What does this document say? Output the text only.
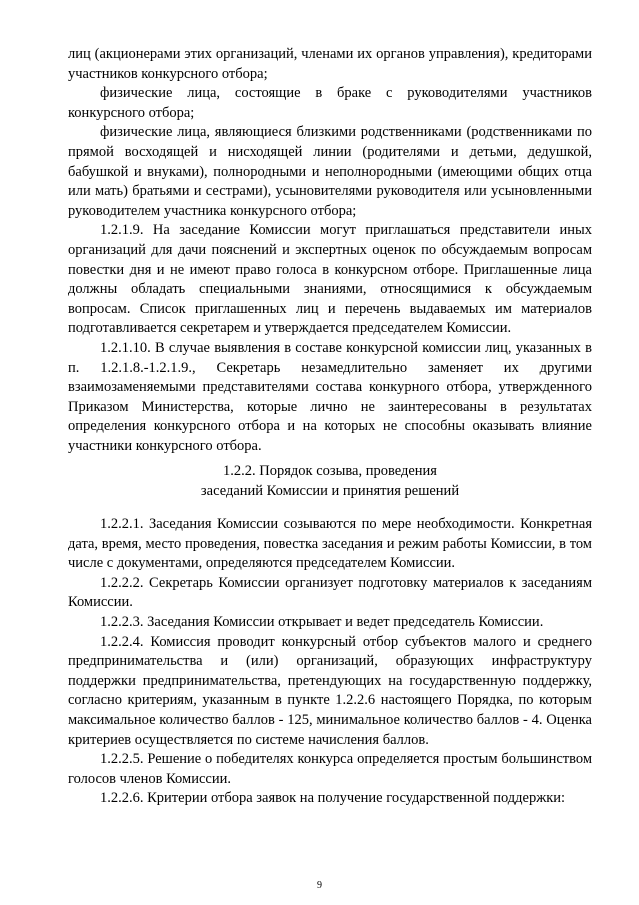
лиц (акционерами этих организаций, членами их органов управления), кредиторами участников конкурсного отбора;

физические лица, состоящие в браке с руководителями участников конкурсного отбора;

физические лица, являющиеся близкими родственниками (родственниками по прямой восходящей и нисходящей линии (родителями и детьми, дедушкой, бабушкой и внуками), полнородными и неполнородными (имеющими общих отца или мать) братьями и сестрами), усыновителями руководителя или усыновленными руководителем участника конкурсного отбора;

1.2.1.9. На заседание Комиссии могут приглашаться представители иных организаций для дачи пояснений и экспертных оценок по обсуждаемым вопросам повестки дня и не имеют право голоса в конкурсном отборе. Приглашенные лица должны обладать специальными знаниями, относящимися к обсуждаемым вопросам. Список приглашенных лиц и перечень выдаваемых им материалов подготавливается секретарем и утверждается председателем Комиссии.

1.2.1.10. В случае выявления в составе конкурсной комиссии лиц, указанных в п. 1.2.1.8.-1.2.1.9., Секретарь незамедлительно заменяет их другими взаимозаменяемыми представителями состава конкурного отбора, утвержденного Приказом Министерства, которые лично не заинтересованы в результатах определения конкурсного отбора и на которых не способны оказывать влияние участники конкурсного отбора.

1.2.2. Порядок созыва, проведения
заседаний Комиссии и принятия решений

1.2.2.1. Заседания Комиссии созываются по мере необходимости. Конкретная дата, время, место проведения, повестка заседания и режим работы Комиссии, в том числе с документами, определяются председателем Комиссии.

1.2.2.2. Секретарь Комиссии организует подготовку материалов к заседаниям Комиссии.

1.2.2.3. Заседания Комиссии открывает и ведет председатель Комиссии.

1.2.2.4. Комиссия проводит конкурсный отбор субъектов малого и среднего предпринимательства и (или) организаций, образующих инфраструктуру поддержки предпринимательства, претендующих на государственную поддержку, согласно критериям, указанным в пункте 1.2.2.6 настоящего Порядка, по которым максимальное количество баллов - 125, минимальное количество баллов - 4. Оценка критериев осуществляется по системе начисления баллов.

1.2.2.5. Решение о победителях конкурса определяется простым большинством голосов членов Комиссии.

1.2.2.6. Критерии отбора заявок на получение государственной поддержки:

9
